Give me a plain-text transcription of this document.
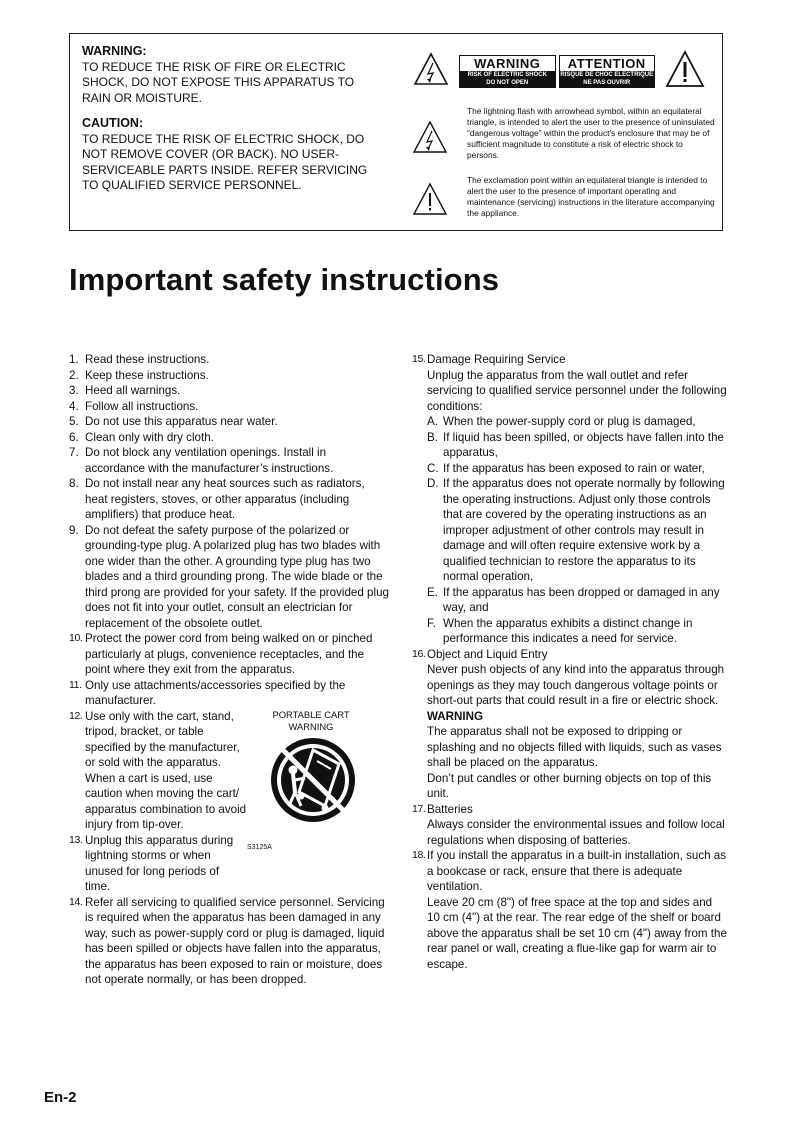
WARNING:

TO REDUCE THE RISK OF FIRE OR ELECTRIC SHOCK, DO NOT EXPOSE THIS APPARATUS TO RAIN OR MOISTURE.

CAUTION:

TO REDUCE THE RISK OF ELECTRIC SHOCK, DO NOT REMOVE COVER (OR BACK). NO USER-SERVICEABLE PARTS INSIDE. REFER SERVICING TO QUALIFIED SERVICE PERSONNEL.

WARNING
RISK OF ELECTRIC SHOCK
DO NOT OPEN
ATTENTION
RISQUE DE CHOC ELECTRIQUE
NE PAS OUVRIR
The lightning flash with arrowhead symbol, within an equilateral triangle, is intended to alert the user to the presence of uninsulated “dangerous voltage” within the product’s enclosure that may be of sufficient magnitude to constitute a risk of electric shock to persons.
The exclamation point within an equilateral triangle is intended to alert the user to the presence of important operating and maintenance (servicing) instructions in the literature accompanying the appliance.
Important safety instructions
1. Read these instructions.
2. Keep these instructions.
3. Heed all warnings.
4. Follow all instructions.
5. Do not use this apparatus near water.
6. Clean only with dry cloth.
7. Do not block any ventilation openings. Install in accordance with the manufacturer’s instructions.
8. Do not install near any heat sources such as radiators, heat registers, stoves, or other apparatus (including amplifiers) that produce heat.
9. Do not defeat the safety purpose of the polarized or grounding-type plug. A polarized plug has two blades with one wider than the other. A grounding type plug has two blades and a third grounding prong. The wide blade or the third prong are provided for your safety. If the provided plug does not fit into your outlet, consult an electrician for replacement of the obsolete outlet.
10. Protect the power cord from being walked on or pinched particularly at plugs, convenience receptacles, and the point where they exit from the apparatus.
11. Only use attachments/accessories specified by the manufacturer.
12. Use only with the cart, stand, tripod, bracket, or table specified by the manufacturer, or sold with the apparatus. When a cart is used, use caution when moving the cart/ apparatus combination to avoid injury from tip-over.
PORTABLE CART WARNING
S3125A
13. Unplug this apparatus during lightning storms or when unused for long periods of time.
14. Refer all servicing to qualified service personnel. Servicing is required when the apparatus has been damaged in any way, such as power-supply cord or plug is damaged, liquid has been spilled or objects have fallen into the apparatus, the apparatus has been exposed to rain or moisture, does not operate normally, or has been dropped.
15. Damage Requiring Service
Unplug the apparatus from the wall outlet and refer servicing to qualified service personnel under the following conditions:
A. When the power-supply cord or plug is damaged,
B. If liquid has been spilled, or objects have fallen into the apparatus,
C. If the apparatus has been exposed to rain or water,
D. If the apparatus does not operate normally by following the operating instructions. Adjust only those controls that are covered by the operating instructions as an improper adjustment of other controls may result in damage and will often require extensive work by a qualified technician to restore the apparatus to its normal operation,
E. If the apparatus has been dropped or damaged in any way, and
F. When the apparatus exhibits a distinct change in performance this indicates a need for service.
16. Object and Liquid Entry
Never push objects of any kind into the apparatus through openings as they may touch dangerous voltage points or short-out parts that could result in a fire or electric shock.
WARNING
The apparatus shall not be exposed to dripping or splashing and no objects filled with liquids, such as vases shall be placed on the apparatus.
Don’t put candles or other burning objects on top of this unit.
17. Batteries
Always consider the environmental issues and follow local regulations when disposing of batteries.
18. If you install the apparatus in a built-in installation, such as a bookcase or rack, ensure that there is adequate ventilation.
Leave 20 cm (8") of free space at the top and sides and 10 cm (4") at the rear. The rear edge of the shelf or board above the apparatus shall be set 10 cm (4") away from the rear panel or wall, creating a flue-like gap for warm air to escape.
En-2
